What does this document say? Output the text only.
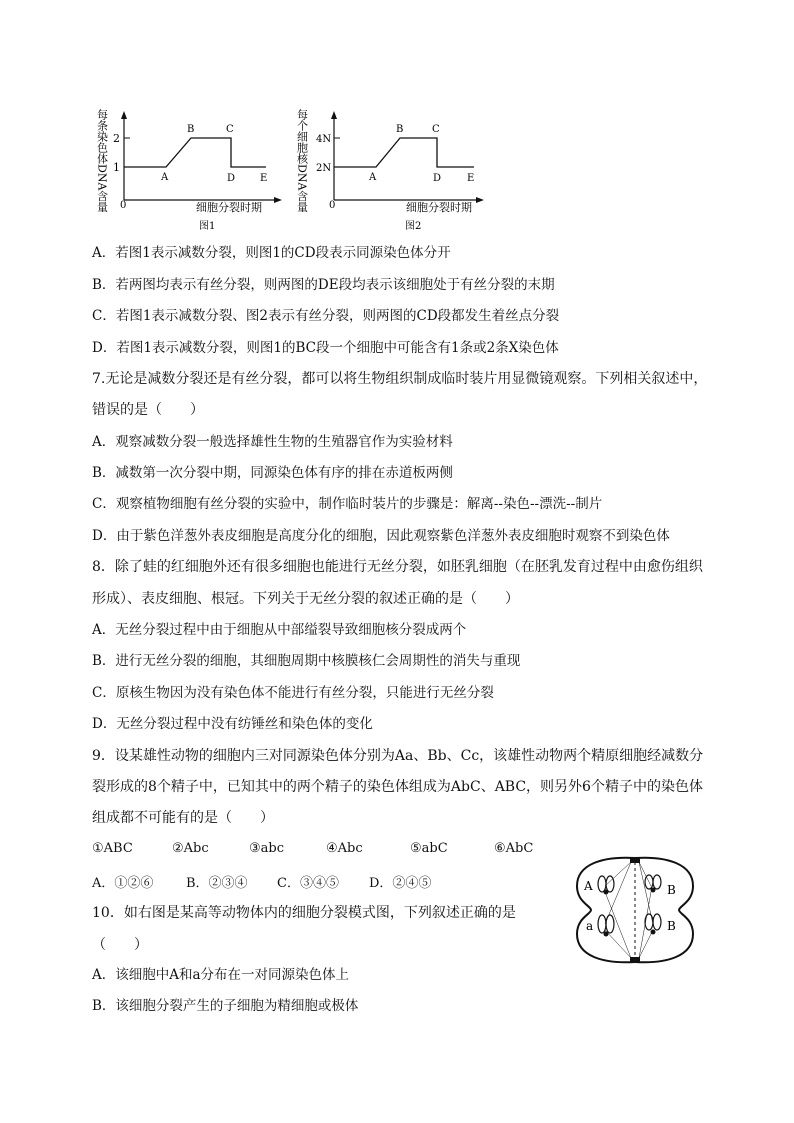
每条染色体DNA含量 2
1
0
A
B	C
D E
细胞分裂时期
图1
每个细胞核DNA含量 4N
2N
0
A
B	C
D	E
细胞分裂时期
图2
A．若图1表示减数分裂，则图1的CD段表示同源染色体分开
B．若两图均表示有丝分裂，则两图的DE段均表示该细胞处于有丝分裂的末期
C．若图1表示减数分裂、图2表示有丝分裂，则两图的CD段都发生着丝点分裂
D．若图1表示减数分裂，则图1的BC段一个细胞中可能含有1条或2条X染色体
7.无论是减数分裂还是有丝分裂，都可以将生物组织制成临时装片用显微镜观察。下列相关叙述中，
错误的是（　　）
A．观察减数分裂一般选择雄性生物的生殖器官作为实验材料
B．减数第一次分裂中期，同源染色体有序的排在赤道板两侧
C．观察植物细胞有丝分裂的实验中，制作临时装片的步骤是：解离--染色--漂洗--制片
D．由于紫色洋葱外表皮细胞是高度分化的细胞，因此观察紫色洋葱外表皮细胞时观察不到染色体
8．除了蛙的红细胞外还有很多细胞也能进行无丝分裂，如胚乳细胞（在胚乳发育过程中由愈伤组织
形成）、表皮细胞、根冠。下列关于无丝分裂的叙述正确的是（　　）
A．无丝分裂过程中由于细胞从中部缢裂导致细胞核分裂成两个
B．进行无丝分裂的细胞，其细胞周期中核膜核仁会周期性的消失与重现
C．原核生物因为没有染色体不能进行有丝分裂，只能进行无丝分裂
D．无丝分裂过程中没有纺锤丝和染色体的变化
9．设某雄性动物的细胞内三对同源染色体分别为Aa、Bb、Cc，该雄性动物两个精原细胞经减数分
裂形成的8个精子中，已知其中的两个精子的染色体组成为AbC、ABC，则另外6个精子中的染色体
组成都不可能有的是（　　）
①ABC	②Abc	③abc	④Abc	⑤abC	⑥AbC
A．①②⑥	B．②③④ C．③④⑤ D．②④⑤
10．如右图是某高等动物体内的细胞分裂模式图，下列叙述正确的是
（　　）
A．该细胞中A和a分布在一对同源染色体上
B．该细胞分裂产生的子细胞为精细胞或极体
A	B
a	B
